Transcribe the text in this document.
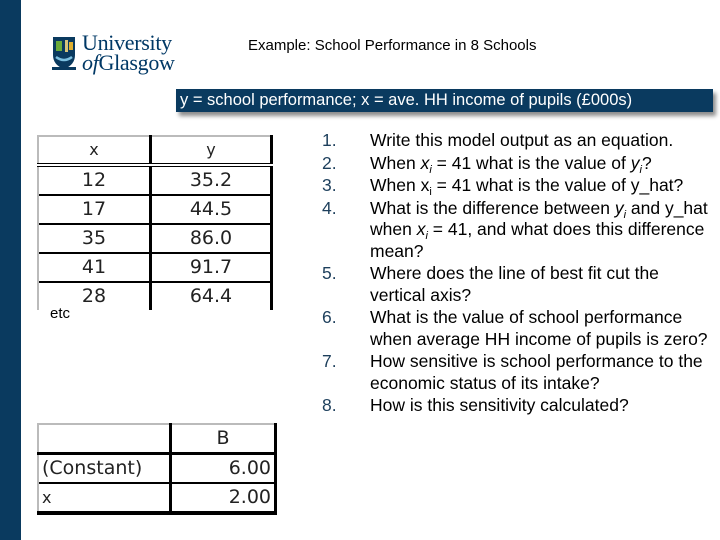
University
ofGlasgow
Example: School Performance in 8 Schools
y = school performance; x = ave. HH income of pupils (£000s)
x	y
12	35.2
17	44.5
35	86.0
41	91.7
28	64.4
etc
	B
(Constant)	6.00
x	2.00
1. Write this model output as an equation.
2. When $x_i = 41$ what is the value of $y_i$?
3. When $x_i = 41$ what is the value of y_hat?
4. What is the difference between $y_i$ and y_hat when $x_i = 41$, and what does this difference mean?
5. Where does the line of best fit cut the vertical axis?
6. What is the value of school performance when average HH income of pupils is zero?
7. How sensitive is school performance to the economic status of its intake?
8. How is this sensitivity calculated?
